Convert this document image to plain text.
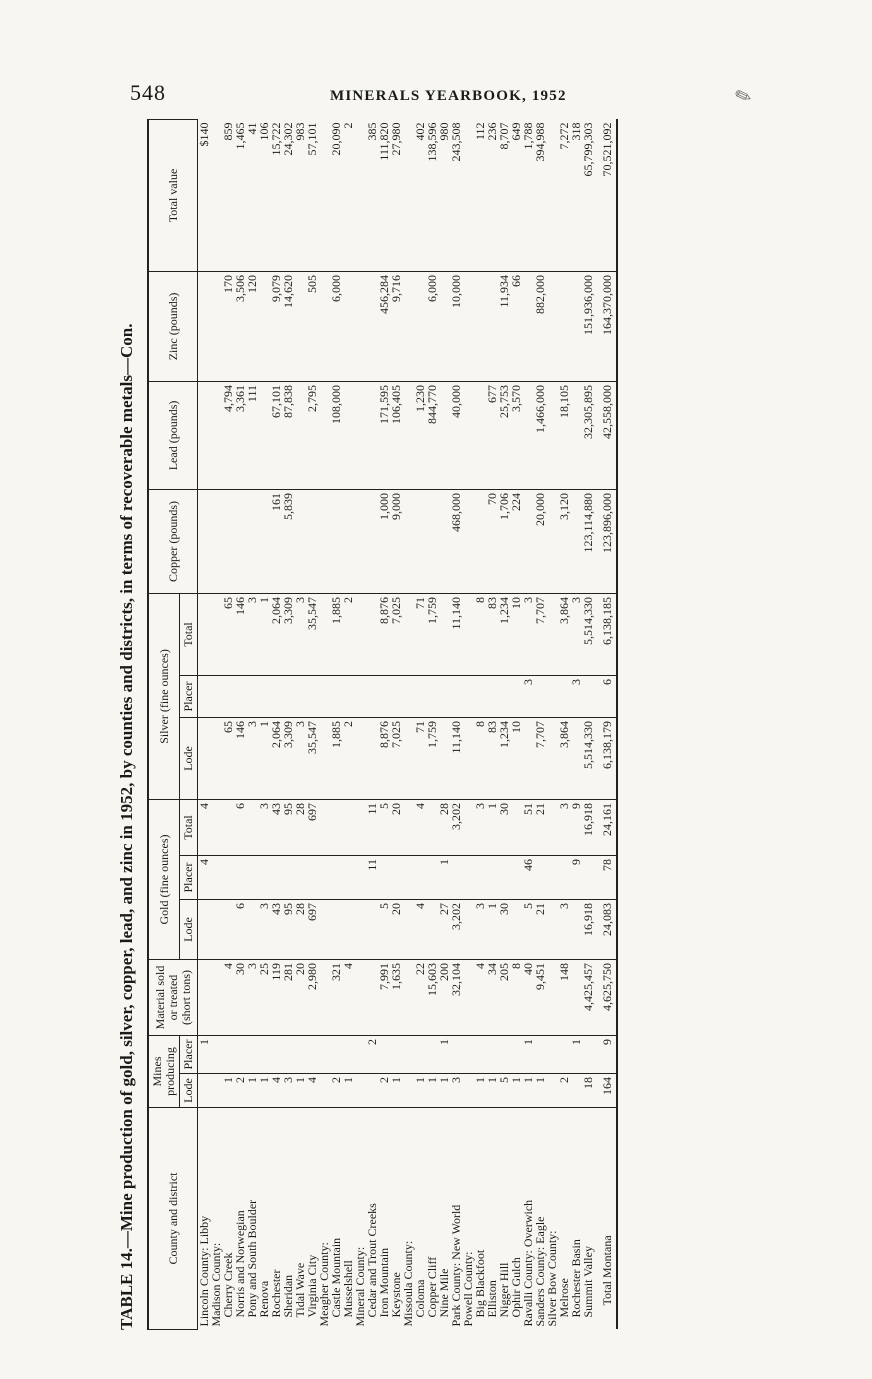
548	MINERALS YEARBOOK, 1952	✎
TABLE 14.—Mine production of gold, silver, copper, lead, and zinc in 1952, by counties and districts, in terms of recoverable metals—Con. County and district	Mines producing		Material sold or treated (short tons)	Gold (fine ounces)			Silver (fine ounces)			Copper (pounds)	Lead (pounds)	Zinc (pounds)	Total value
	Lode	Placer		Lode	Placer	Total	Lode	Placer	Total				
Lincoln County: Libby		1			4	4							$140
Madison County:													
Cherry Creek	1		4				65		65		4,794	170	859
Norris and Norwegian	2		30	6		6	146		146		3,361	3,506	1,465
Pony and South Boulder	1		3				3		3		111	120	41
Renova	1		25	3		3	1		1				106
Rochester	4		119	43		43	2,064		2,064	161	67,101	9,079	15,722
Sheridan	3		281	95		95	3,309		3,309	5,839	87,838	14,620	24,302
Tidal Wave	1		20	28		28	3		3				983
Virginia City	4		2,980	697		697	35,547		35,547		2,795	505	57,101
Meagher County:													
Castle Mountain	2		321				1,885		1,885		108,000	6,000	20,090
Musselshell	1		4				2		2				2
Mineral County:													
Cedar and Trout Creeks		2			11	11							385
Iron Mountain	2		7,991	5		5	8,876		8,876	1,000	171,595	456,284	111,820
Keystone	1		1,635	20		20	7,025		7,025	9,000	106,405	9,716	27,980
Missoula County:													
Coloma	1		22	4		4	71		71		1,230		402
Copper Cliff	1		15,603				1,759		1,759		844,770	6,000	138,596
Nine Mile	1	1	200	27	1	28							980
Park County: New World	3		32,104	3,202		3,202	11,140		11,140	468,000	40,000	10,000	243,508
Powell County:													
Big Blackfoot	1		4	3		3	8		8				112
Elliston	1		34	1		1	83		83	70	677		236
Nigger Hill	5		205	30		30	1,234		1,234	1,706	25,753	11,934	8,707
Ophir Gulch	1		8				10		10	224	3,570	66	649
Ravalli County: Overwich	1	1	40	5	46	51		3	3				1,788
Sanders County: Eagle	1		9,451	21		21	7,707		7,707	20,000	1,466,000	882,000	394,988
Silver Bow County:													
Melrose	2		148	3		3	3,864		3,864	3,120	18,105		7,272
Rochester Basin		1			9	9		3	3				318
Summit Valley	18		4,425,457	16,918		16,918	5,514,330		5,514,330	123,114,880	32,305,895	151,936,000	65,799,303
Total Montana	164	9	4,625,750	24,083	78	24,161	6,138,179	6	6,138,185	123,896,000	42,558,000	164,370,000	70,521,092
